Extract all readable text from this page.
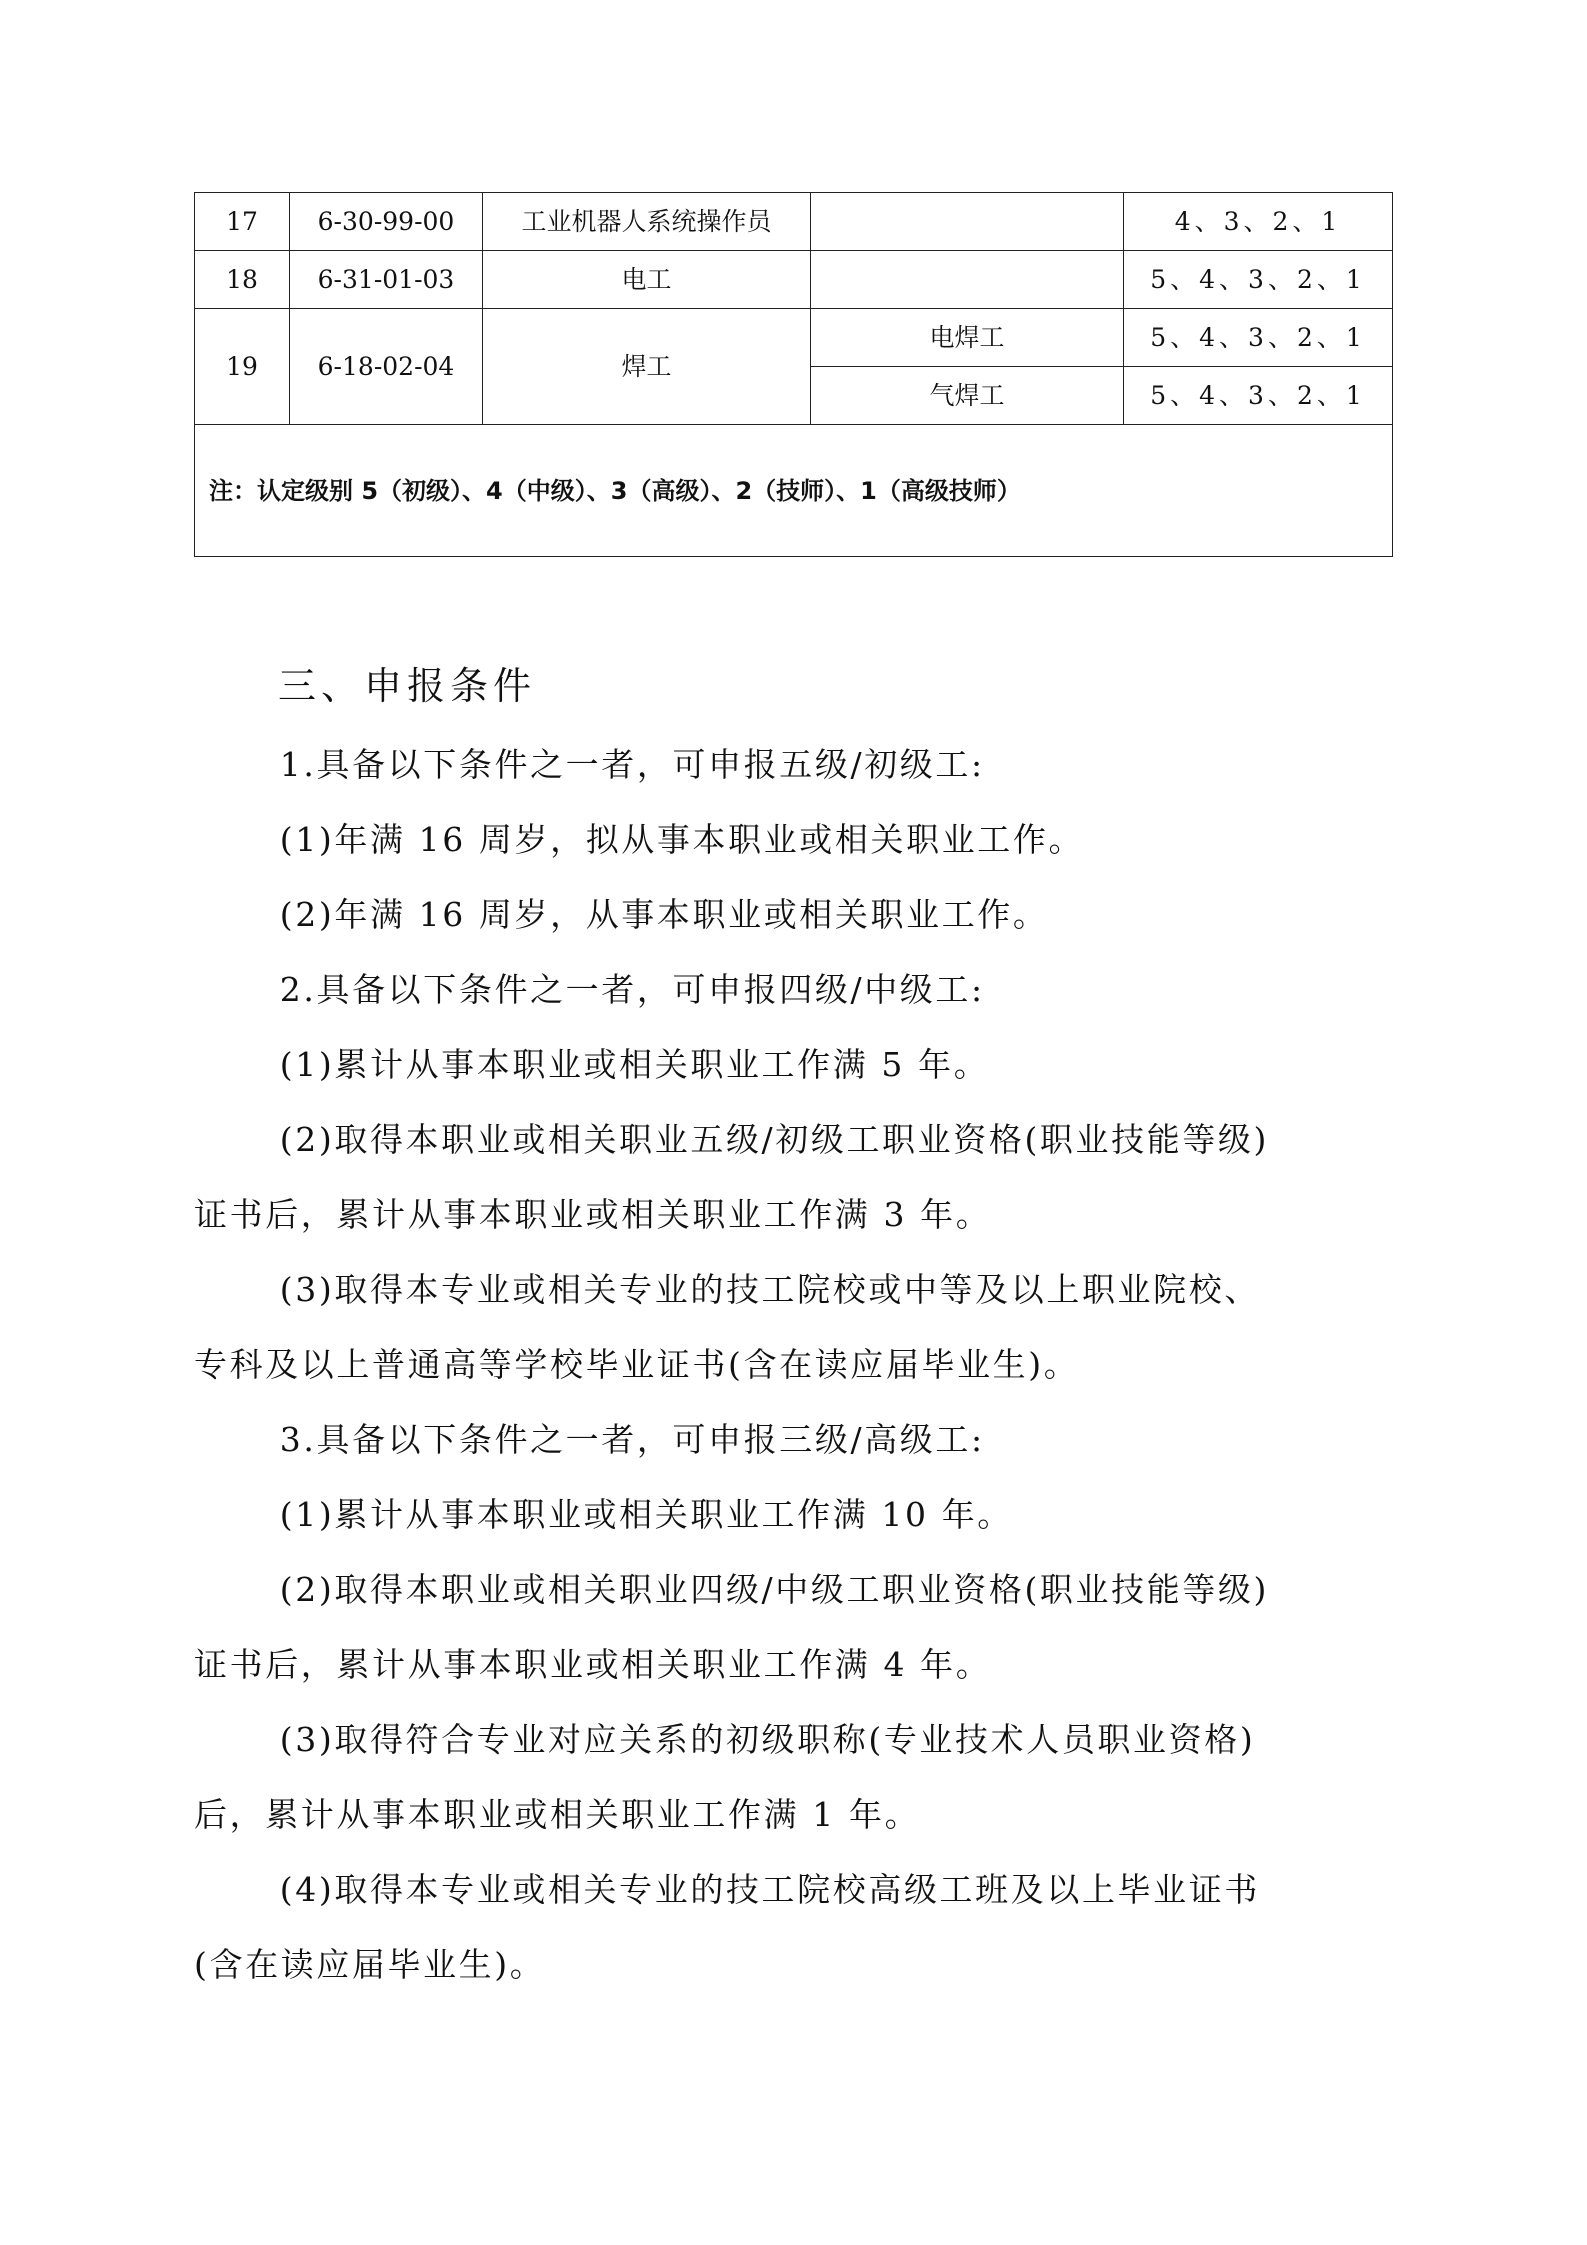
17	6-30-99-00	工业机器人系统操作员		4、3、2、1
18	6-31-01-03	电工		5、4、3、2、1
19	6-18-02-04	焊工	电焊工	5、4、3、2、1
			气焊工	5、4、3、2、1
注：认定级别 5（初级）、4（中级）、3（高级）、2（技师）、1（高级技师）				
三、申报条件

1.具备以下条件之一者，可申报五级/初级工:

(1)年满 16 周岁，拟从事本职业或相关职业工作。

(2)年满 16 周岁，从事本职业或相关职业工作。

2.具备以下条件之一者，可申报四级/中级工:

(1)累计从事本职业或相关职业工作满 5 年。

(2)取得本职业或相关职业五级/初级工职业资格(职业技能等级)

证书后，累计从事本职业或相关职业工作满 3 年。

(3)取得本专业或相关专业的技工院校或中等及以上职业院校、

专科及以上普通高等学校毕业证书(含在读应届毕业生)。

3.具备以下条件之一者，可申报三级/高级工:

(1)累计从事本职业或相关职业工作满 10 年。

(2)取得本职业或相关职业四级/中级工职业资格(职业技能等级)

证书后，累计从事本职业或相关职业工作满 4 年。

(3)取得符合专业对应关系的初级职称(专业技术人员职业资格)

后，累计从事本职业或相关职业工作满 1 年。

(4)取得本专业或相关专业的技工院校高级工班及以上毕业证书

(含在读应届毕业生)。
